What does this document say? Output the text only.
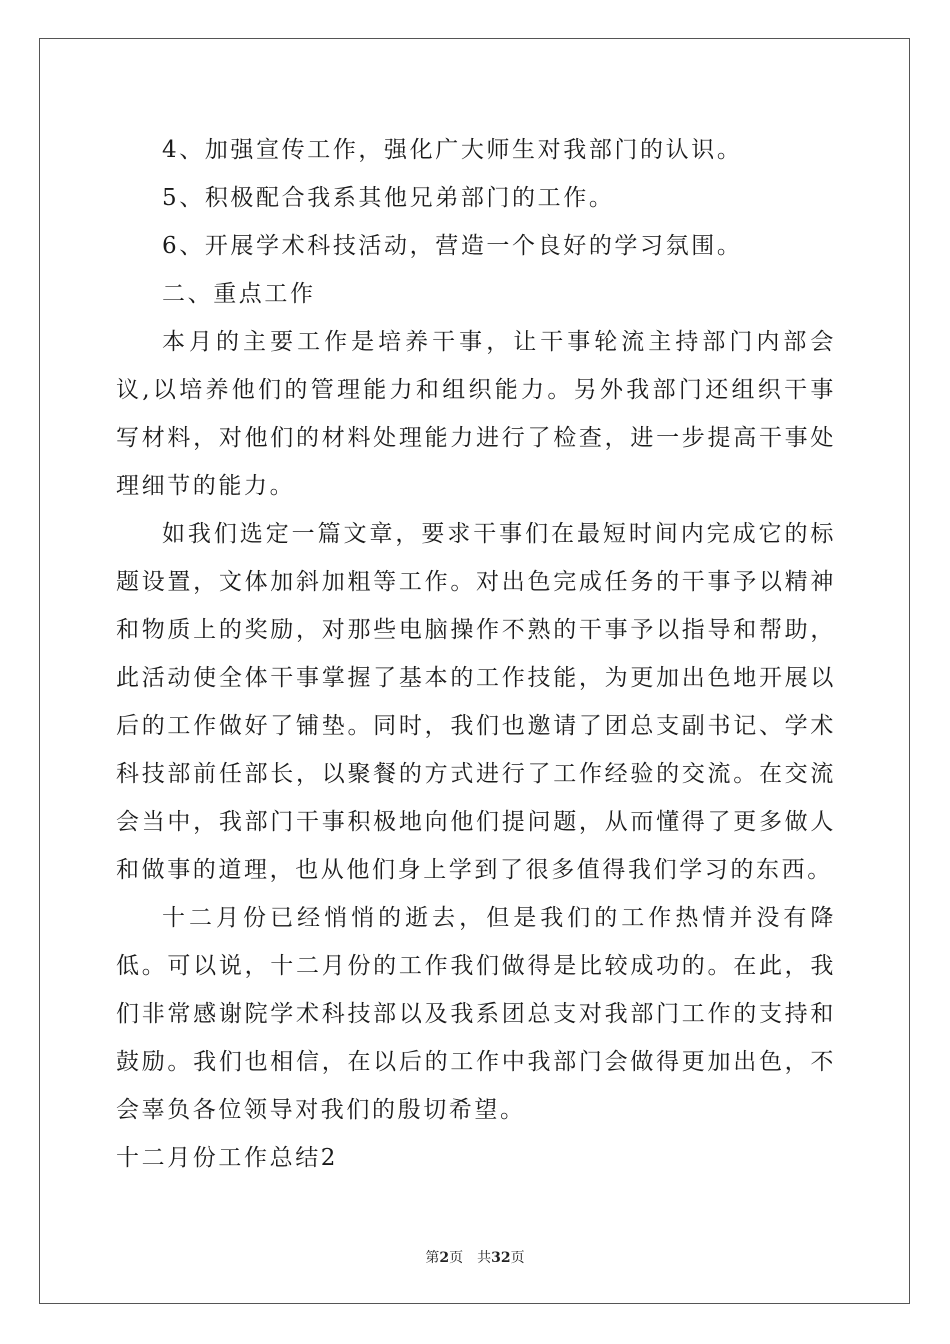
4、加强宣传工作，强化广大师生对我部门的认识。
5、积极配合我系其他兄弟部门的工作。
6、开展学术科技活动，营造一个良好的学习氛围。
二、重点工作

本月的主要工作是培养干事，让干事轮流主持部门内部会议,以培养他们的管理能力和组织能力。另外我部门还组织干事写材料，对他们的材料处理能力进行了检查，进一步提高干事处理细节的能力。

如我们选定一篇文章，要求干事们在最短时间内完成它的标题设置，文体加斜加粗等工作。对出色完成任务的干事予以精神和物质上的奖励，对那些电脑操作不熟的干事予以指导和帮助，此活动使全体干事掌握了基本的工作技能，为更加出色地开展以后的工作做好了铺垫。同时，我们也邀请了团总支副书记、学术科技部前任部长，以聚餐的方式进行了工作经验的交流。在交流会当中，我部门干事积极地向他们提问题，从而懂得了更多做人和做事的道理，也从他们身上学到了很多值得我们学习的东西。

十二月份已经悄悄的逝去，但是我们的工作热情并没有降低。可以说，十二月份的工作我们做得是比较成功的。在此，我们非常感谢院学术科技部以及我系团总支对我部门工作的支持和鼓励。我们也相信，在以后的工作中我部门会做得更加出色，不会辜负各位领导对我们的殷切希望。

十二月份工作总结2
第2页　共32页
